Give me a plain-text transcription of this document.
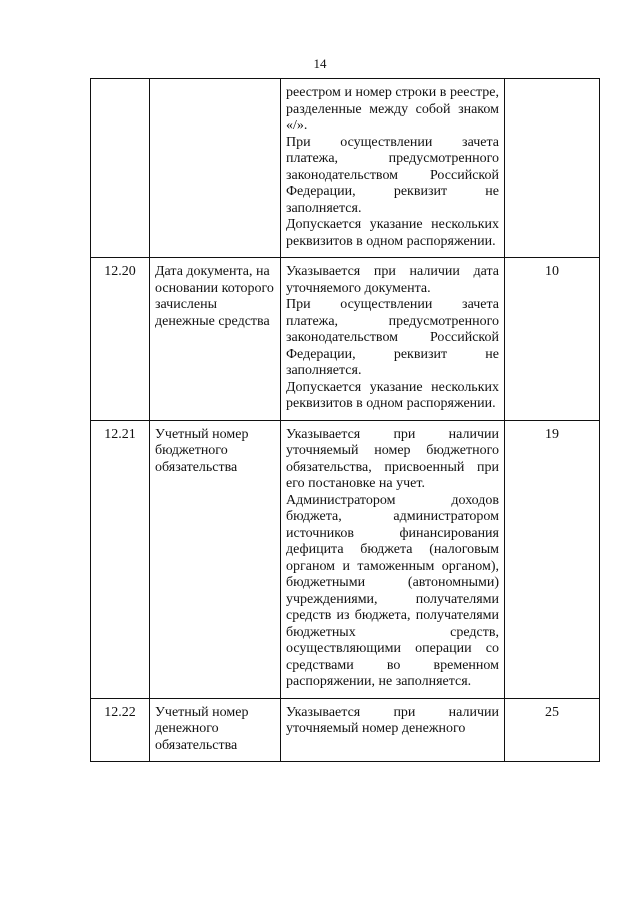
14

		реестром и номер строки в реестре, разделенные между собой знаком «/».

При осуществлении зачета платежа, предусмотренного законодательством Российской Федерации, реквизит не заполняется.

Допускается указание нескольких реквизитов в одном распоряжении.	

12.20	Дата документа, на основании которого зачислены денежные средства	Указывается при наличии дата уточняемого документа.

При осуществлении зачета платежа, предусмотренного законодательством Российской Федерации, реквизит не заполняется.

Допускается указание нескольких реквизитов в одном распоряжении.	10
12.21	Учетный номер бюджетного обязательства	Указывается при наличии уточняемый номер бюджетного обязательства, присвоенный при его постановке на учет.

Администратором доходов бюджета, администратором источников финансирования дефицита бюджета (налоговым органом и таможенным органом), бюджетными (автономными) учреждениями, получателями средств из бюджета, получателями бюджетных средств, осуществляющими операции со средствами во временном распоряжении, не заполняется.	19
12.22	Учетный номер денежного обязательства	Указывается при наличии уточняемый номер денежного	25
